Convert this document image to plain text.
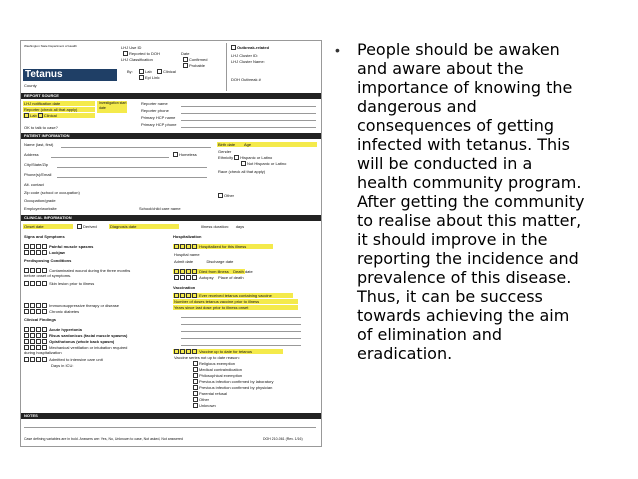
Washington State Department of Health
Tetanus
County
LHJ Use ID
Reported to DOH	Date
LHJ Classification	Confirmed
Probable
By:	Lab	Clinical
Epi Link:
Outbreak-related
LHJ Cluster ID:
LHJ Cluster Name:
DOH Outbreak #
REPORT SOURCE
LHJ notification date	Investigation start date
Reporter (check all that apply)
Lab Clinical
OK to talk to case?
Reporter name
Reporter phone
Primary HCP name
Primary HCP phone
PATIENT INFORMATION
Name (last, first)
Address	Homeless
City/State/Zip
Phone(s)/Email
Alt. contact
Zip code (school or occupation)
Occupation/grade
Employer/worksite	School/child care name
Birth date Age
Gender
Ethnicity Hispanic or Latino
Not Hispanic or Latino
Race (check all that apply)
Other
CLINICAL INFORMATION
Onset date	Derived	Diagnosis date	Illness duration: days
Signs and Symptoms
Painful muscle spasms
Lockjaw
Predisposing Conditions
Contaminated wound during the three months before onset of symptoms.
Skin lesion prior to illness
Immunosuppressive therapy or disease
Chronic diabetes
Clinical Findings
Acute hypertonia
Risus sardonicus (facial muscle spasms)
Opisthotonus (whole back spasm)
Mechanical ventilation or intubation required during hospitalization
Admitted to intensive care unit
Days in ICU:
Hospitalization
Hospitalized for this illness
Hospital name
Admit date	Discharge date
Died from illness Death date
Autopsy Place of death
Vaccination
Ever received tetanus containing vaccine
Number of doses tetanus vaccine prior to illness
Years since last dose prior to illness onset
Vaccine up to date for tetanus
Vaccine series not up to date reason:
Religious exemption
Medical contraindication
Philosophical exemption
Previous infection confirmed by laboratory
Previous infection confirmed by physician
Parental refusal
Other
Unknown
NOTES
Case defining variables are in bold. Answers are: Yes, No, Unknown to case, Not asked, Not answered	DOH 210-061 (Rev. 1/16)
• People should be awaken
and aware about the
importance of knowing the
dangerous and
consequences of getting
infected with tetanus. This
will be conducted in a
health community program.
After getting the community
to realise about this matter,
it should improve in the
reporting the incidence and
prevalence of this disease.
Thus, it can be success
towards achieving the aim
of elimination and
eradication.
